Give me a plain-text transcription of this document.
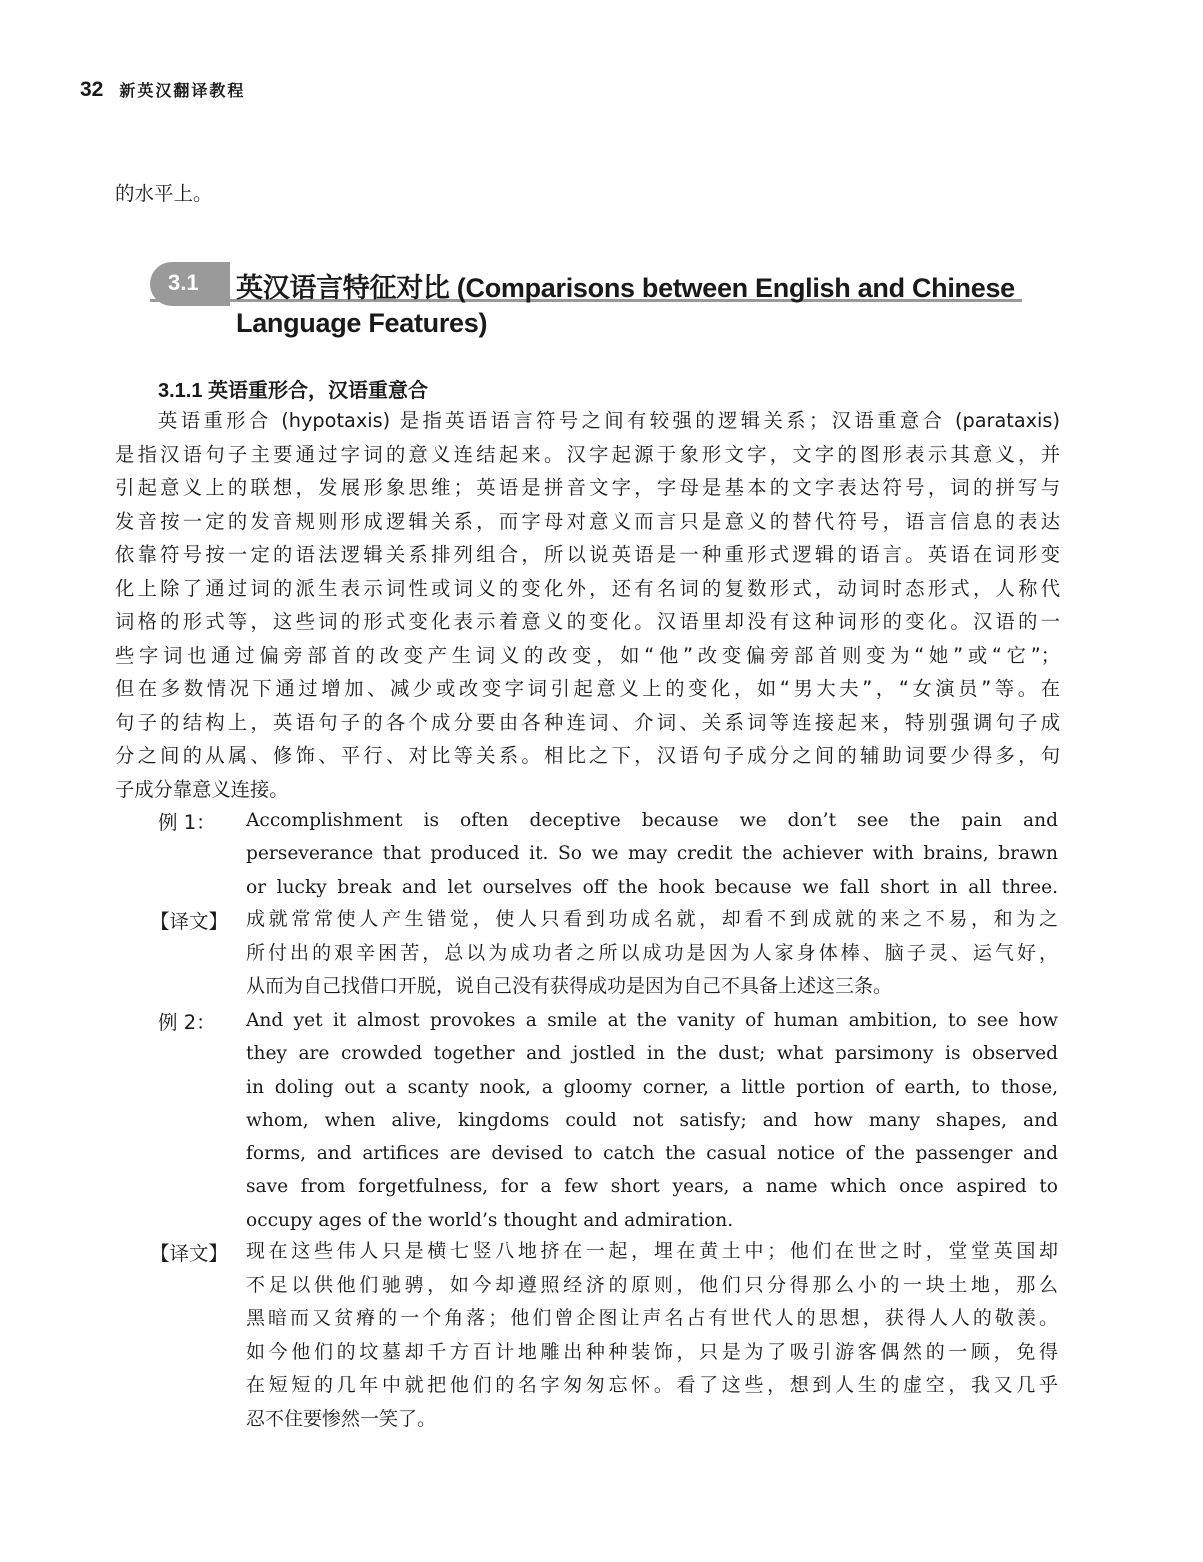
32 新英汉翻译教程
的水平上。
3.1 英汉语言特征对比 (Comparisons between English and Chinese
Language Features)
3.1.1 英语重形合，汉语重意合
英语重形合 (hypotaxis) 是指英语语言符号之间有较强的逻辑关系；汉语重意合 (parataxis)
是指汉语句子主要通过字词的意义连结起来。汉字起源于象形文字，文字的图形表示其意义，并
引起意义上的联想，发展形象思维；英语是拼音文字，字母是基本的文字表达符号，词的拼写与
发音按一定的发音规则形成逻辑关系，而字母对意义而言只是意义的替代符号，语言信息的表达
依靠符号按一定的语法逻辑关系排列组合，所以说英语是一种重形式逻辑的语言。英语在词形变
化上除了通过词的派生表示词性或词义的变化外，还有名词的复数形式，动词时态形式，人称代
词格的形式等，这些词的形式变化表示着意义的变化。汉语里却没有这种词形的变化。汉语的一
些字词也通过偏旁部首的改变产生词义的改变，如“他”改变偏旁部首则变为“她”或“它”；
但在多数情况下通过增加、减少或改变字词引起意义上的变化，如“男大夫”，“女演员”等。在
句子的结构上，英语句子的各个成分要由各种连词、介词、关系词等连接起来，特别强调句子成
分之间的从属、修饰、平行、对比等关系。相比之下，汉语句子成分之间的辅助词要少得多，句
子成分靠意义连接。
例 1： Accomplishment is often deceptive because we don’t see the pain and
perseverance that produced it. So we may credit the achiever with brains, brawn
or lucky break and let ourselves off the hook because we fall short in all three.
【译文】 成就常常使人产生错觉，使人只看到功成名就，却看不到成就的来之不易，和为之
所付出的艰辛困苦，总以为成功者之所以成功是因为人家身体棒、脑子灵、运气好，
从而为自己找借口开脱，说自己没有获得成功是因为自己不具备上述这三条。
例 2： And yet it almost provokes a smile at the vanity of human ambition, to see how
they are crowded together and jostled in the dust; what parsimony is observed
in doling out a scanty nook, a gloomy corner, a little portion of earth, to those,
whom, when alive, kingdoms could not satisfy; and how many shapes, and
forms, and artifices are devised to catch the casual notice of the passenger and
save from forgetfulness, for a few short years, a name which once aspired to
occupy ages of the world’s thought and admiration.
【译文】 现在这些伟人只是横七竖八地挤在一起，埋在黄土中；他们在世之时，堂堂英国却
不足以供他们驰骋，如今却遵照经济的原则，他们只分得那么小的一块土地，那么
黑暗而又贫瘠的一个角落；他们曾企图让声名占有世代人的思想，获得人人的敬羡。
如今他们的坟墓却千方百计地雕出种种装饰，只是为了吸引游客偶然的一顾，免得
在短短的几年中就把他们的名字匆匆忘怀。看了这些，想到人生的虚空，我又几乎
忍不住要惨然一笑了。
